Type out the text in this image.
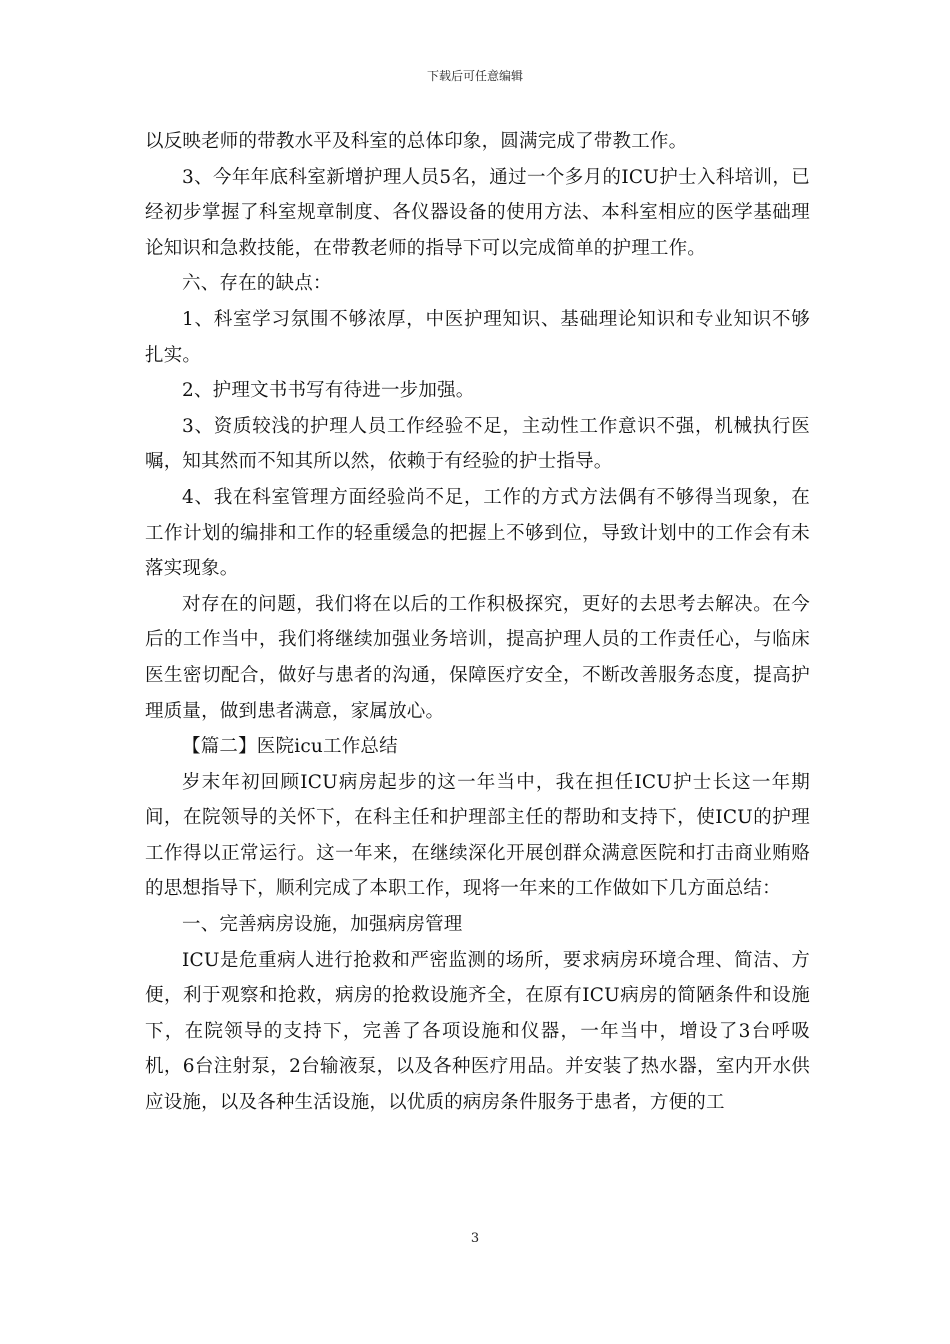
下载后可任意编辑

以反映老师的带教水平及科室的总体印象，圆满完成了带教工作。

3、今年年底科室新增护理人员5名，通过一个多月的ICU护士入科培训，已经初步掌握了科室规章制度、各仪器设备的使用方法、本科室相应的医学基础理论知识和急救技能，在带教老师的指导下可以完成简单的护理工作。

六、存在的缺点：

1、科室学习氛围不够浓厚，中医护理知识、基础理论知识和专业知识不够扎实。

2、护理文书书写有待进一步加强。

3、资质较浅的护理人员工作经验不足，主动性工作意识不强，机械执行医嘱，知其然而不知其所以然，依赖于有经验的护士指导。

4、我在科室管理方面经验尚不足，工作的方式方法偶有不够得当现象，在工作计划的编排和工作的轻重缓急的把握上不够到位，导致计划中的工作会有未落实现象。

对存在的问题，我们将在以后的工作积极探究，更好的去思考去解决。在今后的工作当中，我们将继续加强业务培训，提高护理人员的工作责任心，与临床医生密切配合，做好与患者的沟通，保障医疗安全，不断改善服务态度，提高护理质量，做到患者满意，家属放心。

【篇二】医院icu工作总结

岁末年初回顾ICU病房起步的这一年当中，我在担任ICU护士长这一年期间，在院领导的关怀下，在科主任和护理部主任的帮助和支持下，使ICU的护理工作得以正常运行。这一年来，在继续深化开展创群众满意医院和打击商业贿赂的思想指导下，顺利完成了本职工作，现将一年来的工作做如下几方面总结：

一、完善病房设施，加强病房管理

ICU是危重病人进行抢救和严密监测的场所，要求病房环境合理、简洁、方便，利于观察和抢救，病房的抢救设施齐全，在原有ICU病房的简陋条件和设施下，在院领导的支持下，完善了各项设施和仪器，一年当中，增设了3台呼吸机，6台注射泵，2台输液泵，以及各种医疗用品。并安装了热水器，室内开水供应设施，以及各种生活设施，以优质的病房条件服务于患者，方便的工

3
